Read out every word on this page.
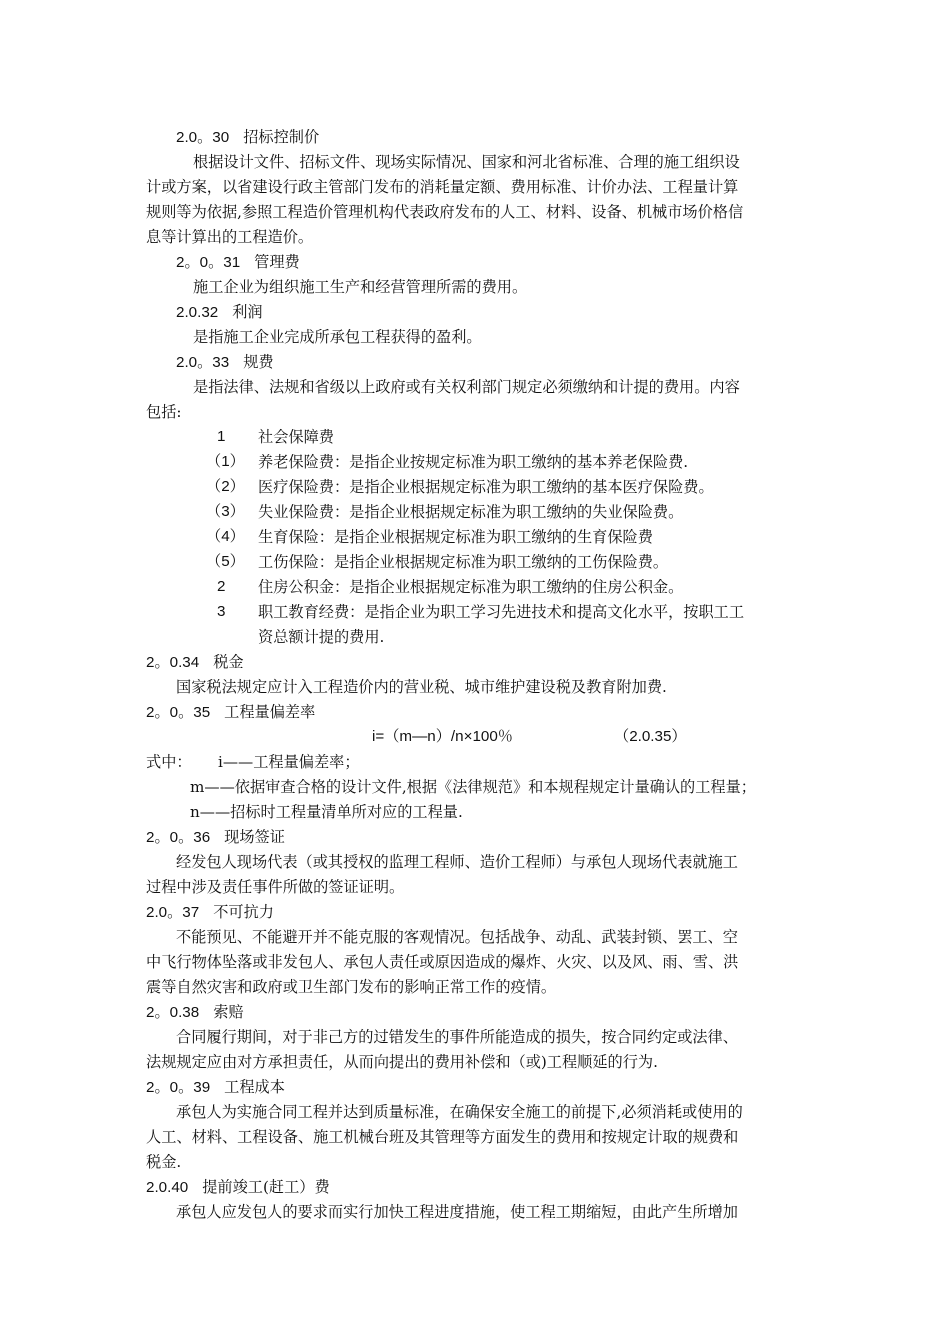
2.0。30 招标控制价
根据设计文件、招标文件、现场实际情况、国家和河北省标准、合理的施工组织设
计或方案，以省建设行政主管部门发布的消耗量定额、费用标准、计价办法、工程量计算
规则等为依据,参照工程造价管理机构代表政府发布的人工、材料、设备、机械市场价格信
息等计算出的工程造价。
2。0。31 管理费
施工企业为组织施工生产和经营管理所需的费用。
2.0.32 利润
是指施工企业完成所承包工程获得的盈利。
2.0。33 规费
是指法律、法规和省级以上政府或有关权利部门规定必须缴纳和计提的费用。内容
包括:
1 社会保障费
（1） 养老保险费：是指企业按规定标准为职工缴纳的基本养老保险费.
（2） 医疗保险费：是指企业根据规定标准为职工缴纳的基本医疗保险费。
（3） 失业保险费：是指企业根据规定标准为职工缴纳的失业保险费。
（4） 生育保险：是指企业根据规定标准为职工缴纳的生育保险费
（5） 工伤保险：是指企业根据规定标准为职工缴纳的工伤保险费。
2 住房公积金：是指企业根据规定标准为职工缴纳的住房公积金。
3 职工教育经费：是指企业为职工学习先进技术和提高文化水平，按职工工
资总额计提的费用.
2。0.34 税金
国家税法规定应计入工程造价内的营业税、城市维护建设税及教育附加费.
2。0。35 工程量偏差率
i=（m—n）/n×100％	（2.0.35）
式中： i——工程量偏差率；
m——依据审查合格的设计文件,根据《法律规范》和本规程规定计量确认的工程量；
n——招标时工程量清单所对应的工程量.
2。0。36 现场签证
经发包人现场代表（或其授权的监理工程师、造价工程师）与承包人现场代表就施工
过程中涉及责任事件所做的签证证明。
2.0。37 不可抗力
不能预见、不能避开并不能克服的客观情况。包括战争、动乱、武装封锁、罢工、空
中飞行物体坠落或非发包人、承包人责任或原因造成的爆炸、火灾、以及风、雨、雪、洪
震等自然灾害和政府或卫生部门发布的影响正常工作的疫情。
2。0.38 索赔
合同履行期间，对于非己方的过错发生的事件所能造成的损失，按合同约定或法律、
法规规定应由对方承担责任，从而向提出的费用补偿和（或)工程顺延的行为.
2。0。39 工程成本
承包人为实施合同工程并达到质量标准，在确保安全施工的前提下,必须消耗或使用的
人工、材料、工程设备、施工机械台班及其管理等方面发生的费用和按规定计取的规费和
税金.
2.0.40 提前竣工(赶工）费
承包人应发包人的要求而实行加快工程进度措施，使工程工期缩短，由此产生所增加
